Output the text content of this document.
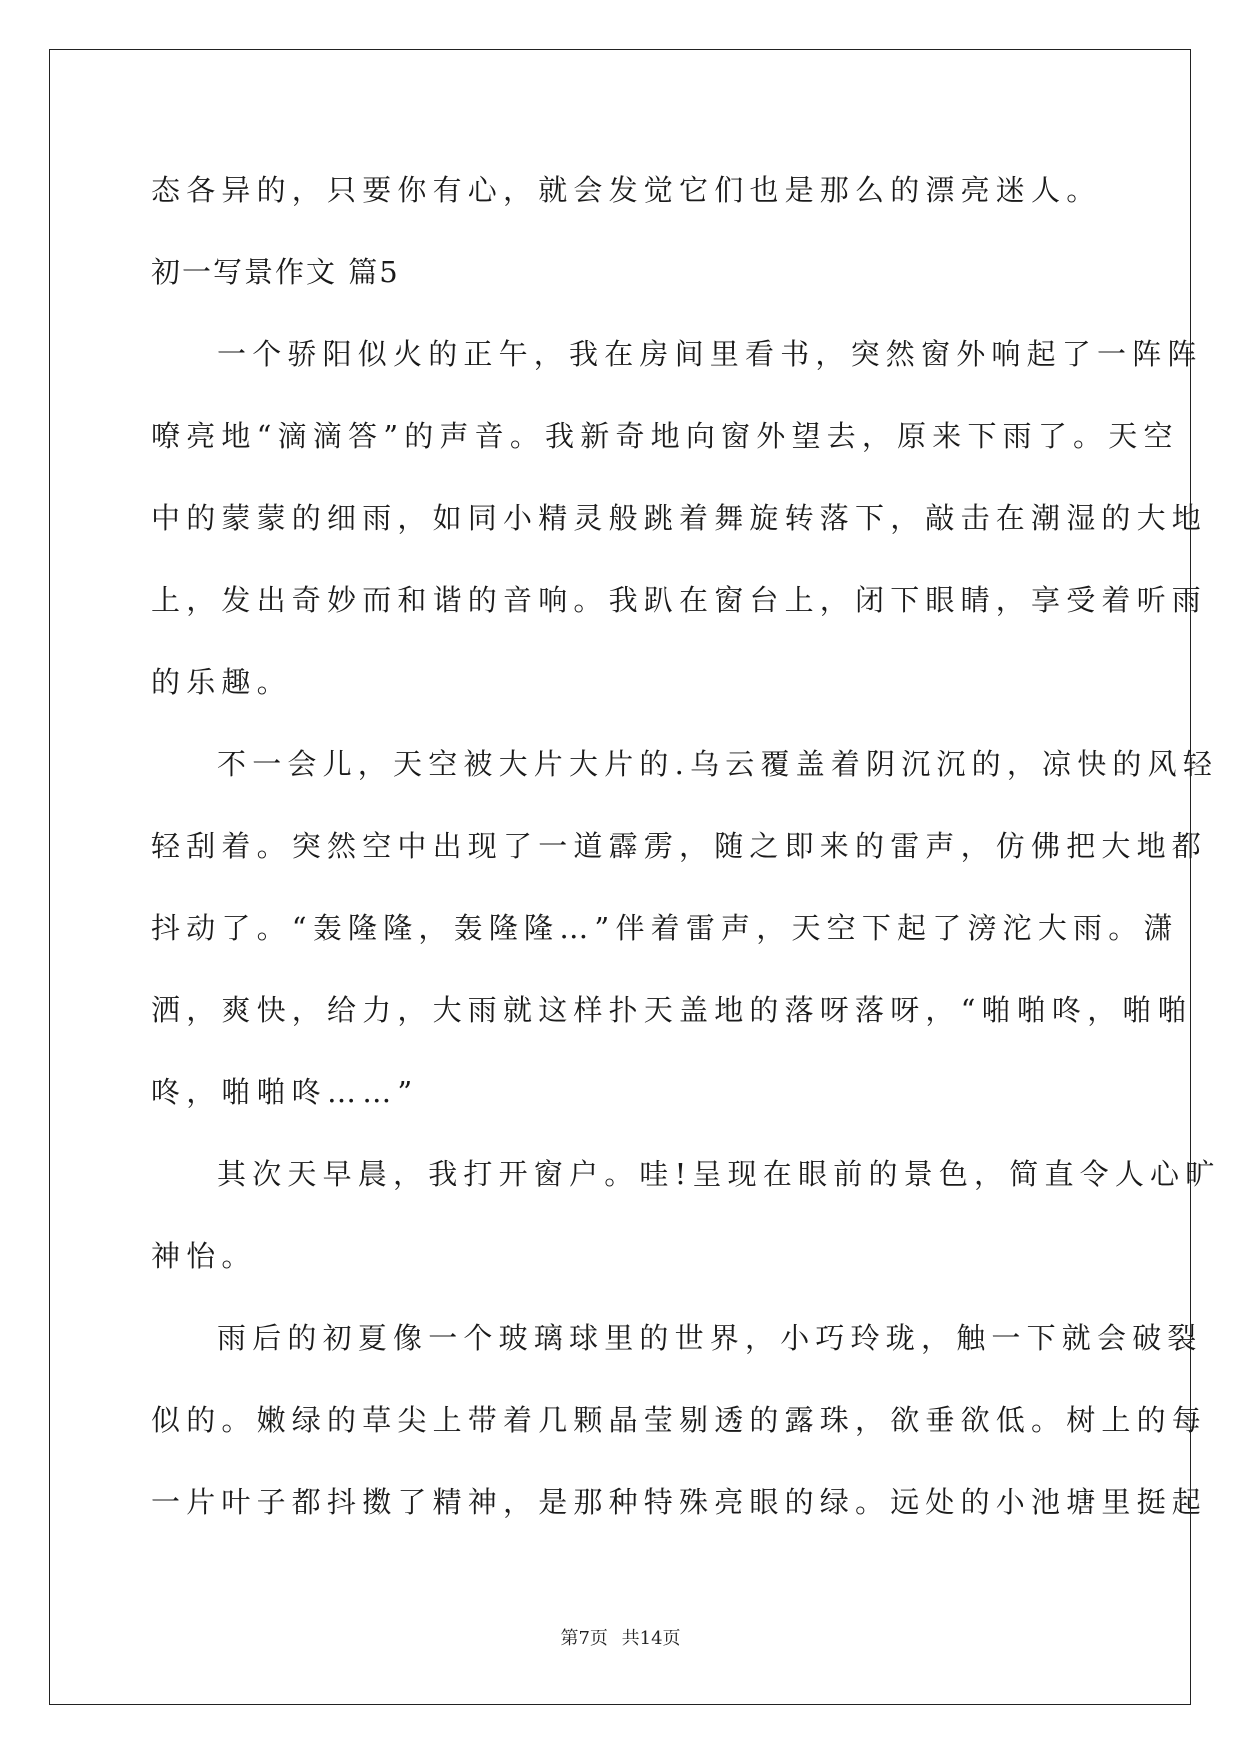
态各异的，只要你有心，就会发觉它们也是那么的漂亮迷人。
初一写景作文 篇5
一个骄阳似火的正午，我在房间里看书，突然窗外响起了一阵阵
嘹亮地“滴滴答”的声音。我新奇地向窗外望去，原来下雨了。天空
中的蒙蒙的细雨，如同小精灵般跳着舞旋转落下，敲击在潮湿的大地
上，发出奇妙而和谐的音响。我趴在窗台上，闭下眼睛，享受着听雨
的乐趣。
不一会儿，天空被大片大片的.乌云覆盖着阴沉沉的，凉快的风轻
轻刮着。突然空中出现了一道霹雳，随之即来的雷声，仿佛把大地都
抖动了。“轰隆隆，轰隆隆…”伴着雷声，天空下起了滂沱大雨。潇
洒，爽快，给力，大雨就这样扑天盖地的落呀落呀，“啪啪咚，啪啪
咚，啪啪咚……”
其次天早晨，我打开窗户。哇!呈现在眼前的景色，简直令人心旷
神怡。
雨后的初夏像一个玻璃球里的世界，小巧玲珑，触一下就会破裂
似的。嫩绿的草尖上带着几颗晶莹剔透的露珠，欲垂欲低。树上的每
一片叶子都抖擞了精神，是那种特殊亮眼的绿。远处的小池塘里挺起
第7页 共14页
